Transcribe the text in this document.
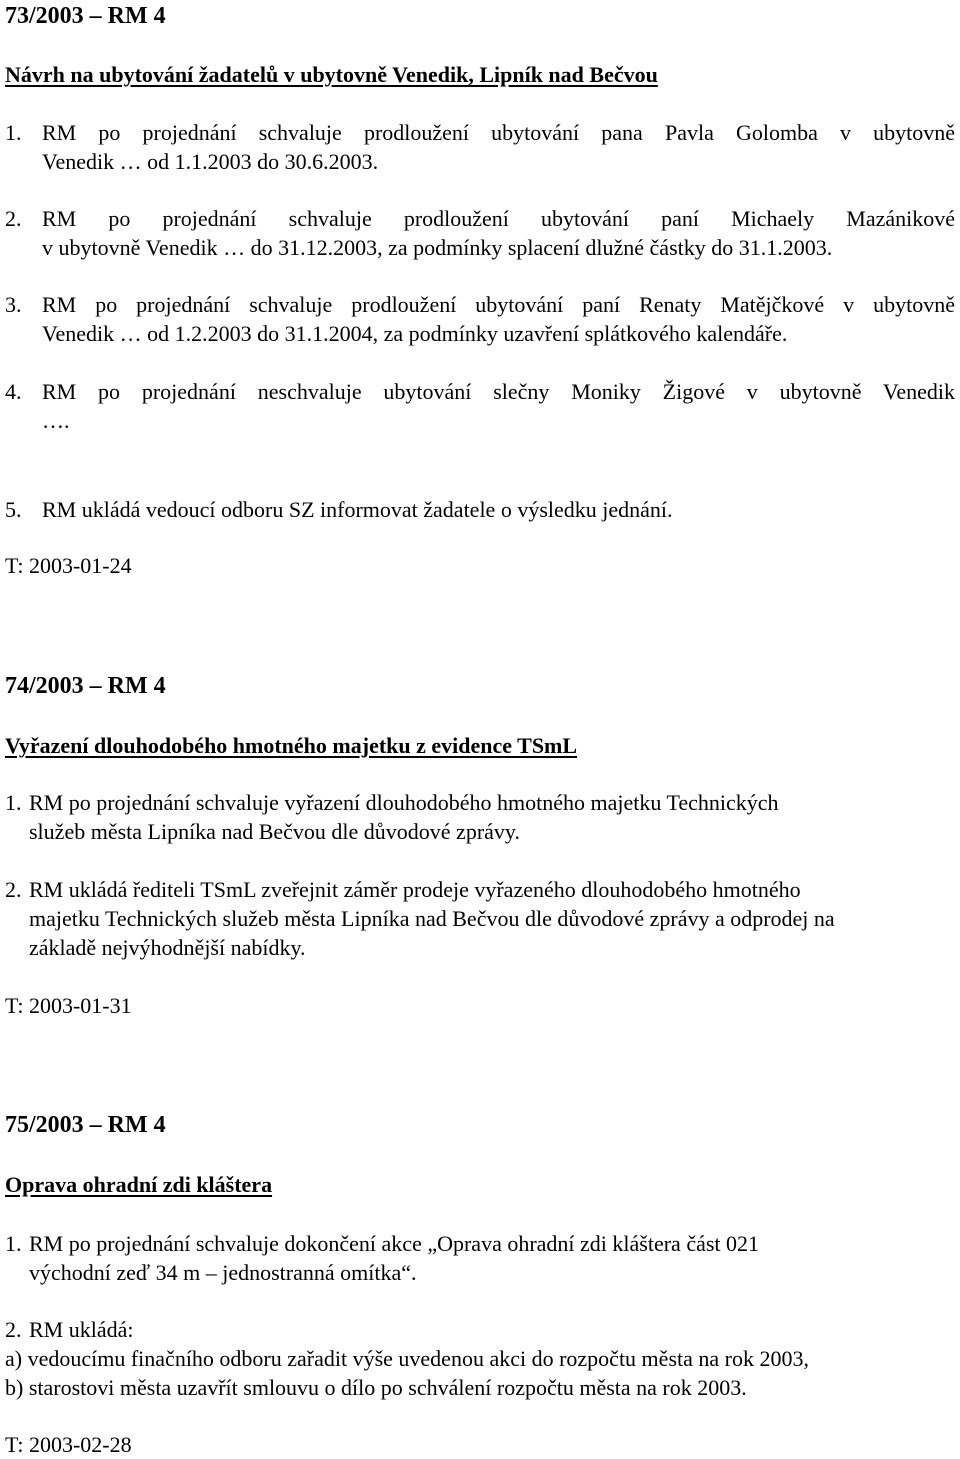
73/2003 – RM 4
Návrh na ubytování žadatelů v ubytovně Venedik, Lipník nad Bečvou
1. RM po projednání schvaluje prodloužení ubytování pana Pavla Golomba v ubytovně
Venedik … od 1.1.2003 do 30.6.2003.
2. RM po projednání schvaluje prodloužení ubytování paní Michaely Mazánikové
v ubytovně Venedik … do 31.12.2003, za podmínky splacení dlužné částky do 31.1.2003.
3. RM po projednání schvaluje prodloužení ubytování paní Renaty Matějčkové v ubytovně
Venedik … od 1.2.2003 do 31.1.2004, za podmínky uzavření splátkového kalendáře.
4. RM po projednání neschvaluje ubytování slečny Moniky Žigové v ubytovně Venedik
….
5. RM ukládá vedoucí odboru SZ informovat žadatele o výsledku jednání.
T: 2003-01-24
74/2003 – RM 4
Vyřazení dlouhodobého hmotného majetku z evidence TSmL
1. RM po projednání schvaluje vyřazení dlouhodobého hmotného majetku Technických
služeb města Lipníka nad Bečvou dle důvodové zprávy.
2. RM ukládá řediteli TSmL zveřejnit záměr prodeje vyřazeného dlouhodobého hmotného
majetku Technických služeb města Lipníka nad Bečvou dle důvodové zprávy a odprodej na
základě nejvýhodnější nabídky.
T: 2003-01-31
75/2003 – RM 4
Oprava ohradní zdi kláštera
1. RM po projednání schvaluje dokončení akce „Oprava ohradní zdi kláštera část 021
východní zeď 34 m – jednostranná omítka“.
2. RM ukládá:
a) vedoucímu finačního odboru zařadit výše uvedenou akci do rozpočtu města na rok 2003,
b) starostovi města uzavřít smlouvu o dílo po schválení rozpočtu města na rok 2003.
T: 2003-02-28
